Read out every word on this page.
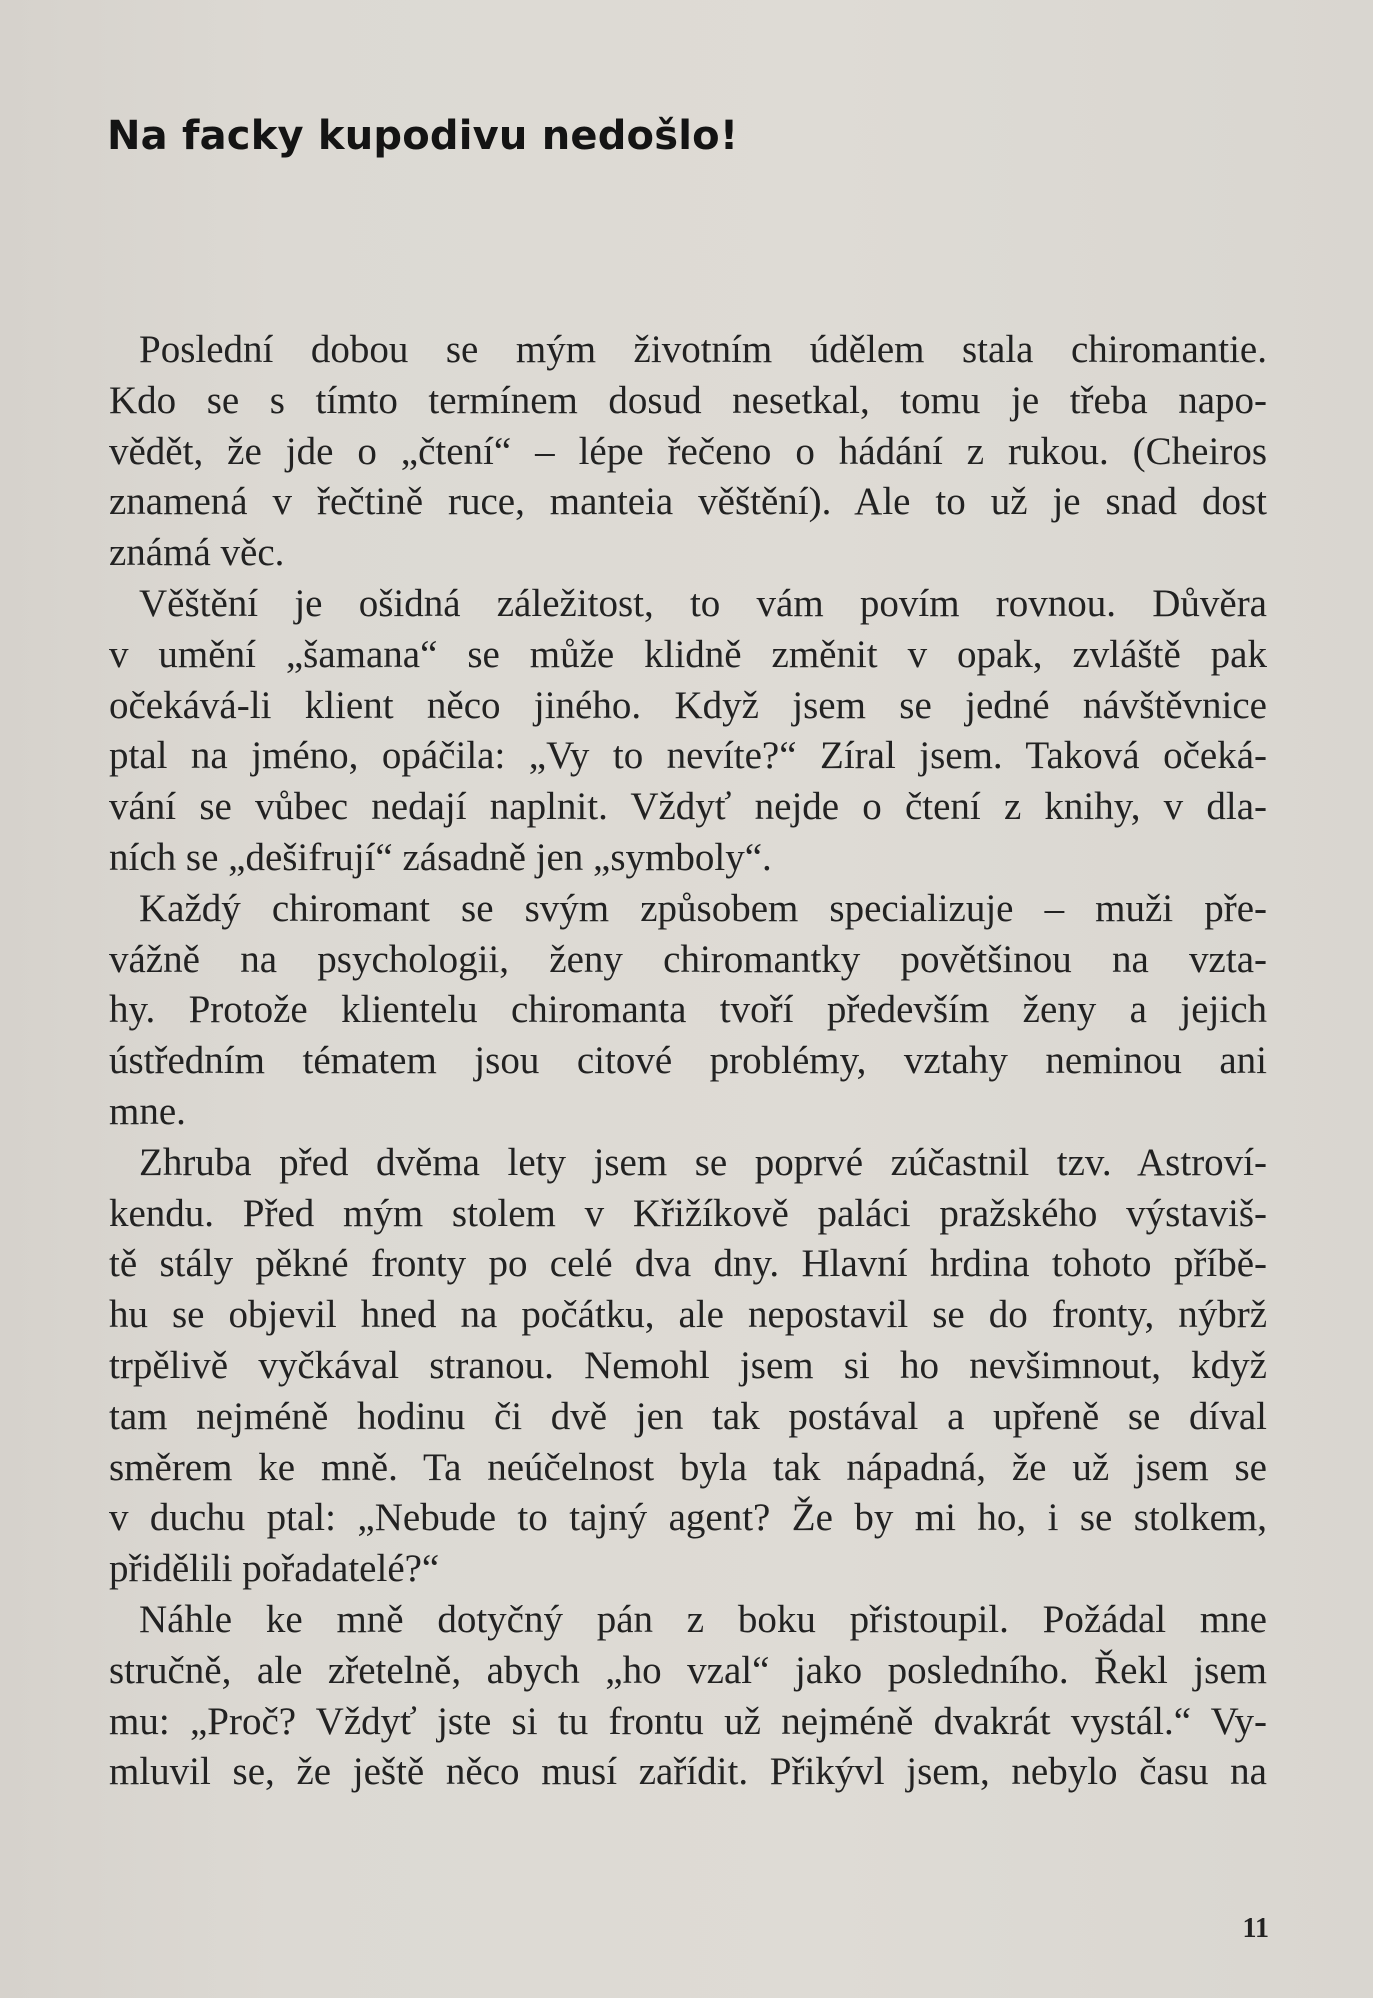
Na facky kupodivu nedošlo!
Poslední dobou se mým životním údělem stala chiromantie.
Kdo se s tímto termínem dosud nesetkal, tomu je třeba napo-
vědět, že jde o „čtení“ – lépe řečeno o hádání z rukou. (Cheiros
znamená v řečtině ruce, manteia věštění). Ale to už je snad dost
známá věc.
Věštění je ošidná záležitost, to vám povím rovnou. Důvěra
v umění „šamana“ se může klidně změnit v opak, zvláště pak
očekává-li klient něco jiného. Když jsem se jedné návštěvnice
ptal na jméno, opáčila: „Vy to nevíte?“ Zíral jsem. Taková očeká-
vání se vůbec nedají naplnit. Vždyť nejde o čtení z knihy, v dla-
ních se „dešifrují“ zásadně jen „symboly“.
Každý chiromant se svým způsobem specializuje – muži pře-
vážně na psychologii, ženy chiromantky povětšinou na vzta-
hy. Protože klientelu chiromanta tvoří především ženy a jejich
ústředním tématem jsou citové problémy, vztahy neminou ani
mne.
Zhruba před dvěma lety jsem se poprvé zúčastnil tzv. Astroví-
kendu. Před mým stolem v Křižíkově paláci pražského výstaviš-
tě stály pěkné fronty po celé dva dny. Hlavní hrdina tohoto příbě-
hu se objevil hned na počátku, ale nepostavil se do fronty, nýbrž
trpělivě vyčkával stranou. Nemohl jsem si ho nevšimnout, když
tam nejméně hodinu či dvě jen tak postával a upřeně se díval
směrem ke mně. Ta neúčelnost byla tak nápadná, že už jsem se
v duchu ptal: „Nebude to tajný agent? Že by mi ho, i se stolkem,
přidělili pořadatelé?“
Náhle ke mně dotyčný pán z boku přistoupil. Požádal mne
stručně, ale zřetelně, abych „ho vzal“ jako posledního. Řekl jsem
mu: „Proč? Vždyť jste si tu frontu už nejméně dvakrát vystál.“ Vy-
mluvil se, že ještě něco musí zařídit. Přikývl jsem, nebylo času na
11
